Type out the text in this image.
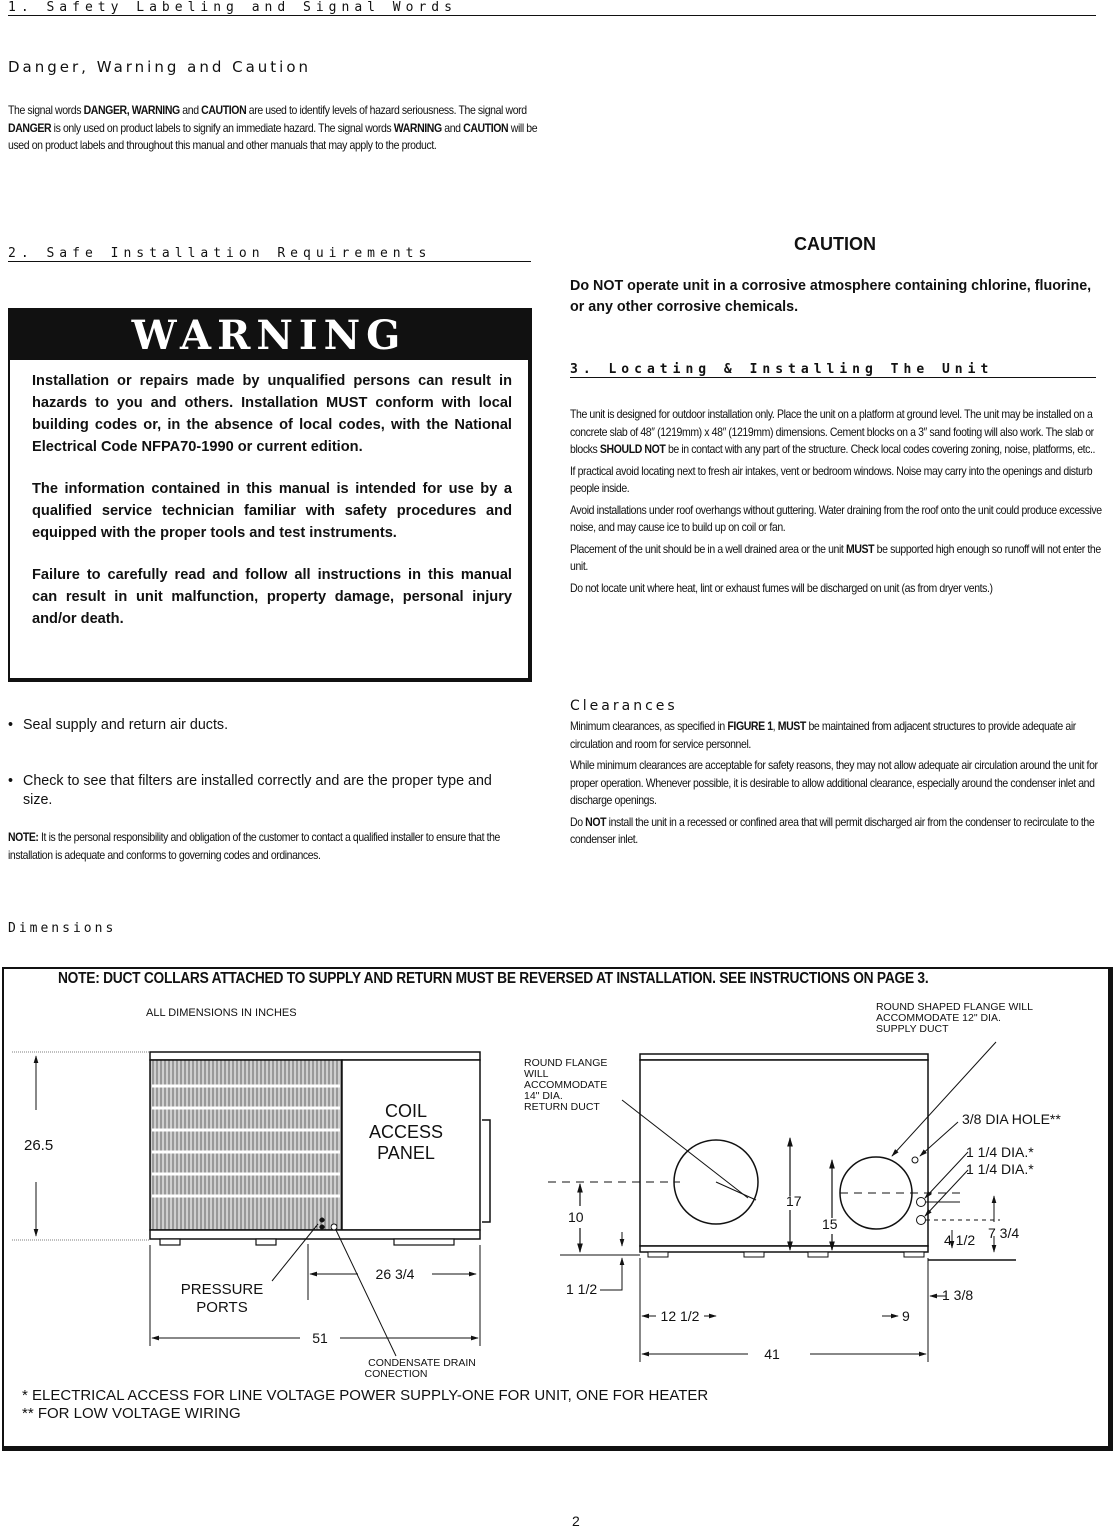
1. Safety Labeling and Signal Words
Danger, Warning and Caution

The signal words DANGER, WARNING and CAUTION are used to identify levels of hazard seriousness. The signal word DANGER is only used on product labels to signify an immediate hazard. The signal words WARNING and CAUTION will be used on product labels and throughout this manual and other manuals that may apply to the product.

2. Safe Installation Requirements
WARNING

Installation or repairs made by unqualified persons can result in hazards to you and others. Installation MUST conform with local building codes or, in the absence of local codes, with the National Electrical Code NFPA70-1990 or current edition.

The information contained in this manual is intended for use by a qualified service technician familiar with safety procedures and equipped with the proper tools and test instruments.

Failure to carefully read and follow all instructions in this manual can result in unit malfunction, property damage, personal injury and/or death.

• Seal supply and return air ducts.
• Check to see that filters are installed correctly and are the proper type and size.

NOTE: It is the personal responsibility and obligation of the customer to contact a qualified installer to ensure that the installation is adequate and conforms to governing codes and ordinances.

CAUTION
Do NOT operate unit in a corrosive atmosphere containing chlorine, fluorine, or any other corrosive chemicals.
3. Locating & Installing The Unit

The unit is designed for outdoor installation only. Place the unit on a platform at ground level. The unit may be installed on a concrete slab of 48″ (1219mm) x 48″ (1219mm) dimensions. Cement blocks on a 3″ sand footing will also work. The slab or blocks SHOULD NOT be in contact with any part of the structure. Check local codes covering zoning, noise, platforms, etc..

If practical avoid locating next to fresh air intakes, vent or bedroom windows. Noise may carry into the openings and disturb people inside.

Avoid installations under roof overhangs without guttering. Water draining from the roof onto the unit could produce excessive noise, and may cause ice to build up on coil or fan.

Placement of the unit should be in a well drained area or the unit MUST be supported high enough so runoff will not enter the unit.

Do not locate unit where heat, lint or exhaust fumes will be discharged on unit (as from dryer vents.)

Clearances

Minimum clearances, as specified in FIGURE 1, MUST be maintained from adjacent structures to provide adequate air circulation and room for service personnel.

While minimum clearances are acceptable for safety reasons, they may not allow adequate air circulation around the unit for proper operation. Whenever possible, it is desirable to allow additional clearance, especially around the condenser inlet and discharge openings.

Do NOT install the unit in a recessed or confined area that will permit discharged air from the condenser to recirculate to the condenser inlet.

Dimensions
NOTE: DUCT COLLARS ATTACHED TO SUPPLY AND RETURN MUST BE REVERSED AT INSTALLATION. SEE INSTRUCTIONS ON PAGE 3.
ALL DIMENSIONS IN INCHES
26.5
COIL
ACCESS
PANEL
PRESSURE
PORTS
26 3/4
51
CONDENSATE DRAIN
CONECTION
ROUND FLANGE
WILL
ACCOMMODATE
14" DIA.
RETURN DUCT
ROUND SHAPED FLANGE WILL
ACCOMMODATE 12" DIA.
SUPPLY DUCT
3/8 DIA HOLE**
1 1/4 DIA.*
1 1/4 DIA.*
17
15
10
1 1/2
12 1/2
4 1/2 7 3/4
1 3/8
9
41
* ELECTRICAL ACCESS FOR LINE VOLTAGE POWER SUPPLY-ONE FOR UNIT, ONE FOR HEATER
** FOR LOW VOLTAGE WIRING
2
